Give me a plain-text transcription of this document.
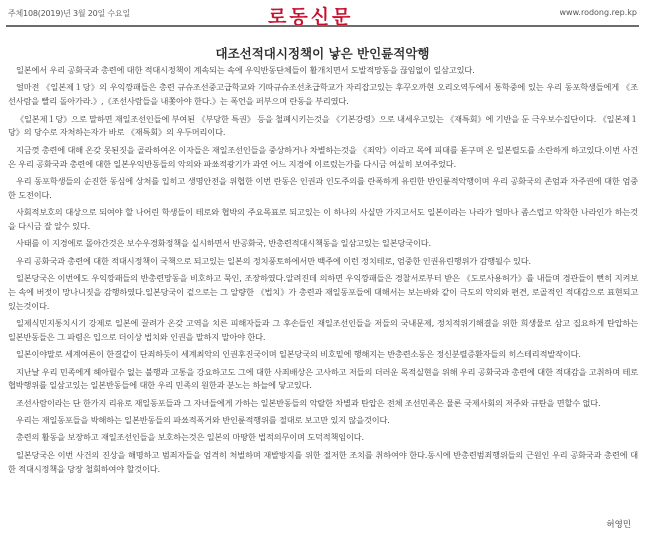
주체108(2019)년 3월 20일 수요일	로동신문	www.rodong.rep.kp
대조선적대시정책이 낳은 반인륜적악행

일본에서 우리 공화국과 총련에 대한 적대시정책이 계속되는 속에 우익반동단체들이 활개치면서 도발적망동을 끊임없이 일삼고있다.

얼마전 《일본제１당》의 우익깡패들은 총련 규슈조선중고급학교와 기따규슈조선초급학교가 자리잡고있는 후꾸오까현 오리오역두에서 통학중에 있는 우리 동포학생들에게 《조선사람을 빨리 돌아가라.》,《조선사람들을 내쫓아야 한다.》는 폭언을 퍼부으며 란동을 부리였다.

《일본제１당》으로 말하면 재일조선인들에 부여된 《부당한 특권》 등을 철폐시키는것을 《기본강령》으로 내세우고있는 《재특회》에 기반을 둔 극우보수집단이다. 《일본제１당》의 당수로 자처하는자가 바로 《재특회》의 우두머리이다.

지금껏 총련에 대해 온갖 못된짓을 골라하여온 이자들은 재일조선인들을 중상하거나 차별하는것을 《죄악》이라고 목에 피대를 돋구며 온 일본렬도를 소란하게 하고있다.이번 사건은 우리 공화국과 총련에 대한 일본우익반동들의 악의와 파쑈적광기가 과연 어느 지경에 이르렀는가를 다시금 여실히 보여주었다.

우리 동포학생들의 순진한 동심에 상처를 입히고 생명안전을 위협한 이번 란동은 인권과 인도주의를 란폭하게 유린한 반인륜적악행이며 우리 공화국의 존엄과 자주권에 대한 엄중한 도전이다.

사회적보호의 대상으로 되여야 할 나어린 학생들이 테로와 협박의 주요목표로 되고있는 이 하나의 사실만 가지고서도 일본이라는 나라가 얼마나 좀스럽고 악착한 나라인가 하는것을 다시금 잘 알수 있다.

사태를 이 지경에로 몰아간것은 보수우경화정책을 실시하면서 반공화국, 반총련적대시책동을 일삼고있는 일본당국이다.

우리 공화국과 총련에 대한 적대시정책이 국책으로 되고있는 일본의 정치풍토하에서만 백주에 이런 정치테로, 엄중한 인권유린행위가 감행될수 있다.

일본당국은 이번에도 우익깡패들의 반총련망동을 비호하고 묵인, 조장하였다.알려진데 의하면 우익깡패들은 경찰서로부터 받은 《도로사용허가》를 내들며 경관들이 뻔히 지켜보는 속에 버젓이 망나니짓을 감행하였다.일본당국이 겉으로는 그 알량한 《법치》가 총련과 재일동포들에 대해서는 보는바와 같이 극도의 악의와 편견, 로골적인 적대감으로 표현되고있는것이다.

일제식민지통치시기 강제로 일본에 끌려가 온갖 고역을 치른 피해자들과 그 후손들인 재일조선인들을 저들의 국내문제, 정치적위기해결을 위한 희생물로 삼고 집요하게 탄압하는 일본반동들은 그 파렴은 입으로 더이상 법치와 인권을 말하지 말아야 한다.

일본이야말로 세계여론이 한결같이 단죄하듯이 세계최악의 인권후진국이며 일본당국의 비호밑에 행해지는 반총련소동은 정신분렬증환자들의 히스테리적발작이다.

지난날 우리 민족에게 헤아릴수 없는 불행과 고통을 강요하고도 그에 대한 사죄배상은 고사하고 저들의 더러운 목적실현을 위해 우리 공화국과 총련에 대한 적대감을 고취하며 테로협박행위를 일삼고있는 일본반동들에 대한 우리 민족의 원한과 분노는 하늘에 닿고있다.

조선사람이라는 단 한가지 리유로 재일동포들과 그 자녀들에게 가하는 일본반동들의 악랄한 차별과 탄압은 전체 조선민족은 물론 국제사회의 저주와 규탄을 면할수 없다.

우리는 재일동포들을 박해하는 일본반동들의 파쑈적폭거와 반인륜적행위를 절대로 보고만 있지 않을것이다.

총련의 활동을 보장하고 재일조선인들을 보호하는것은 일본의 마땅한 법적의무이며 도덕적책임이다.

일본당국은 이번 사건의 진상을 해명하고 범죄자들을 엄격히 처벌하며 재발방지를 위한 절저한 조치를 취하여야 한다.동시에 반총련범죄행위들의 근원인 우리 공화국과 총련에 대한 적대시정책을 당장 철회하여야 할것이다.

허영민
